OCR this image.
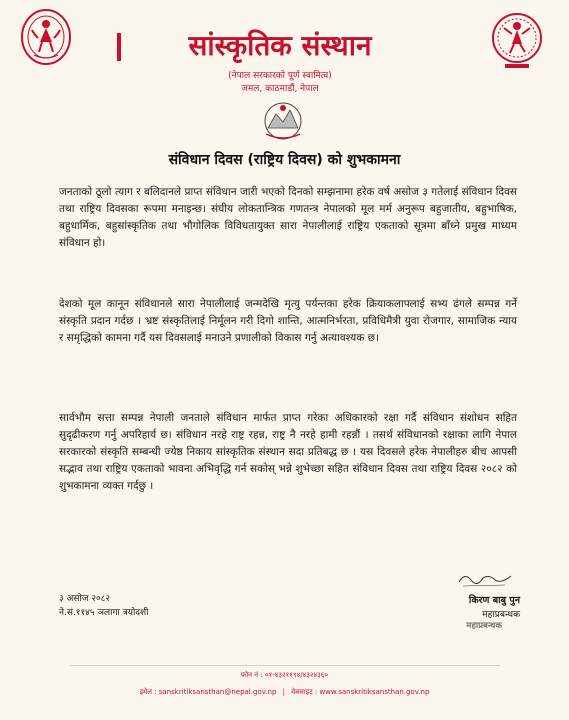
सांस्कृतिक संस्थान
(नेपाल सरकारको पूर्ण स्वामित्व)
जमल, काठमाडौं, नेपाल
संविधान दिवस (राष्ट्रिय दिवस) को शुभकामना
जनताको ठूलो त्याग र बलिदानले प्राप्त संविधान जारी भएको दिनको सम्झनामा हरेक वर्ष असोज ३ गतेलाई संविधान दिवस तथा राष्ट्रिय दिवसका रूपमा मनाइन्छ। संघीय लोकतान्त्रिक गणतन्त्र नेपालको मूल मर्म अनुरूप बहुजातीय, बहुभाषिक, बहुधार्मिक, बहुसांस्कृतिक तथा भौगोलिक विविधतायुक्त सारा नेपालीलाई राष्ट्रिय एकताको सूत्रमा बाँध्ने प्रमुख माध्यम संविधान हो।
देशको मूल कानून संविधानले सारा नेपालीलाई जन्मदेखि मृत्यु पर्यन्तका हरेक क्रियाकलापलाई सभ्य ढंगले सम्पन्न गर्ने संस्कृति प्रदान गर्दछ । भ्रष्ट संस्कृतिलाई निर्मूलन गरी दिगो शान्ति, आत्मनिर्भरता, प्रविधिमैत्री युवा रोजगार, सामाजिक न्याय र समृद्धिको कामना गर्दै यस दिवसलाई मनाउने प्रणालीको विकास गर्नु अत्यावश्यक छ।
सार्वभौम सत्ता सम्पन्न नेपाली जनताले संविधान मार्फत प्राप्त गरेका अधिकारको रक्षा गर्दै संविधान संशोधन सहित सुदृढीकरण गर्नु अपरिहार्य छ। संविधान नरहे राष्ट्र रहन्न, राष्ट्र नै नरहे हामी रहन्नौं । तसर्थ संविधानको रक्षाका लागि नेपाल सरकारको संस्कृति सम्बन्धी ज्येष्ठ निकाय सांस्कृतिक संस्थान सदा प्रतिबद्ध छ । यस दिवसले हरेक नेपालीहरु बीच आपसी सद्भाव तथा राष्ट्रिय एकताको भावना अभिवृद्धि गर्न सकोस् भन्ने शुभेच्छा सहित संविधान दिवस तथा राष्ट्रिय दिवस २०८२ को शुभकामना व्यक्त गर्दछु ।
३ असोज २०८२
ने.सं.११४५ ञलागा त्रयोदशी
किरण बाबु पुन
महाप्रबन्धक
महाप्रबन्धक
फोन नं : ०१-४३२११९४/४३२४३६०
इमेल : sanskritiksansthan@nepal.gov.np | वेबसाइट : www.sanskritiksansthan.gov.np
